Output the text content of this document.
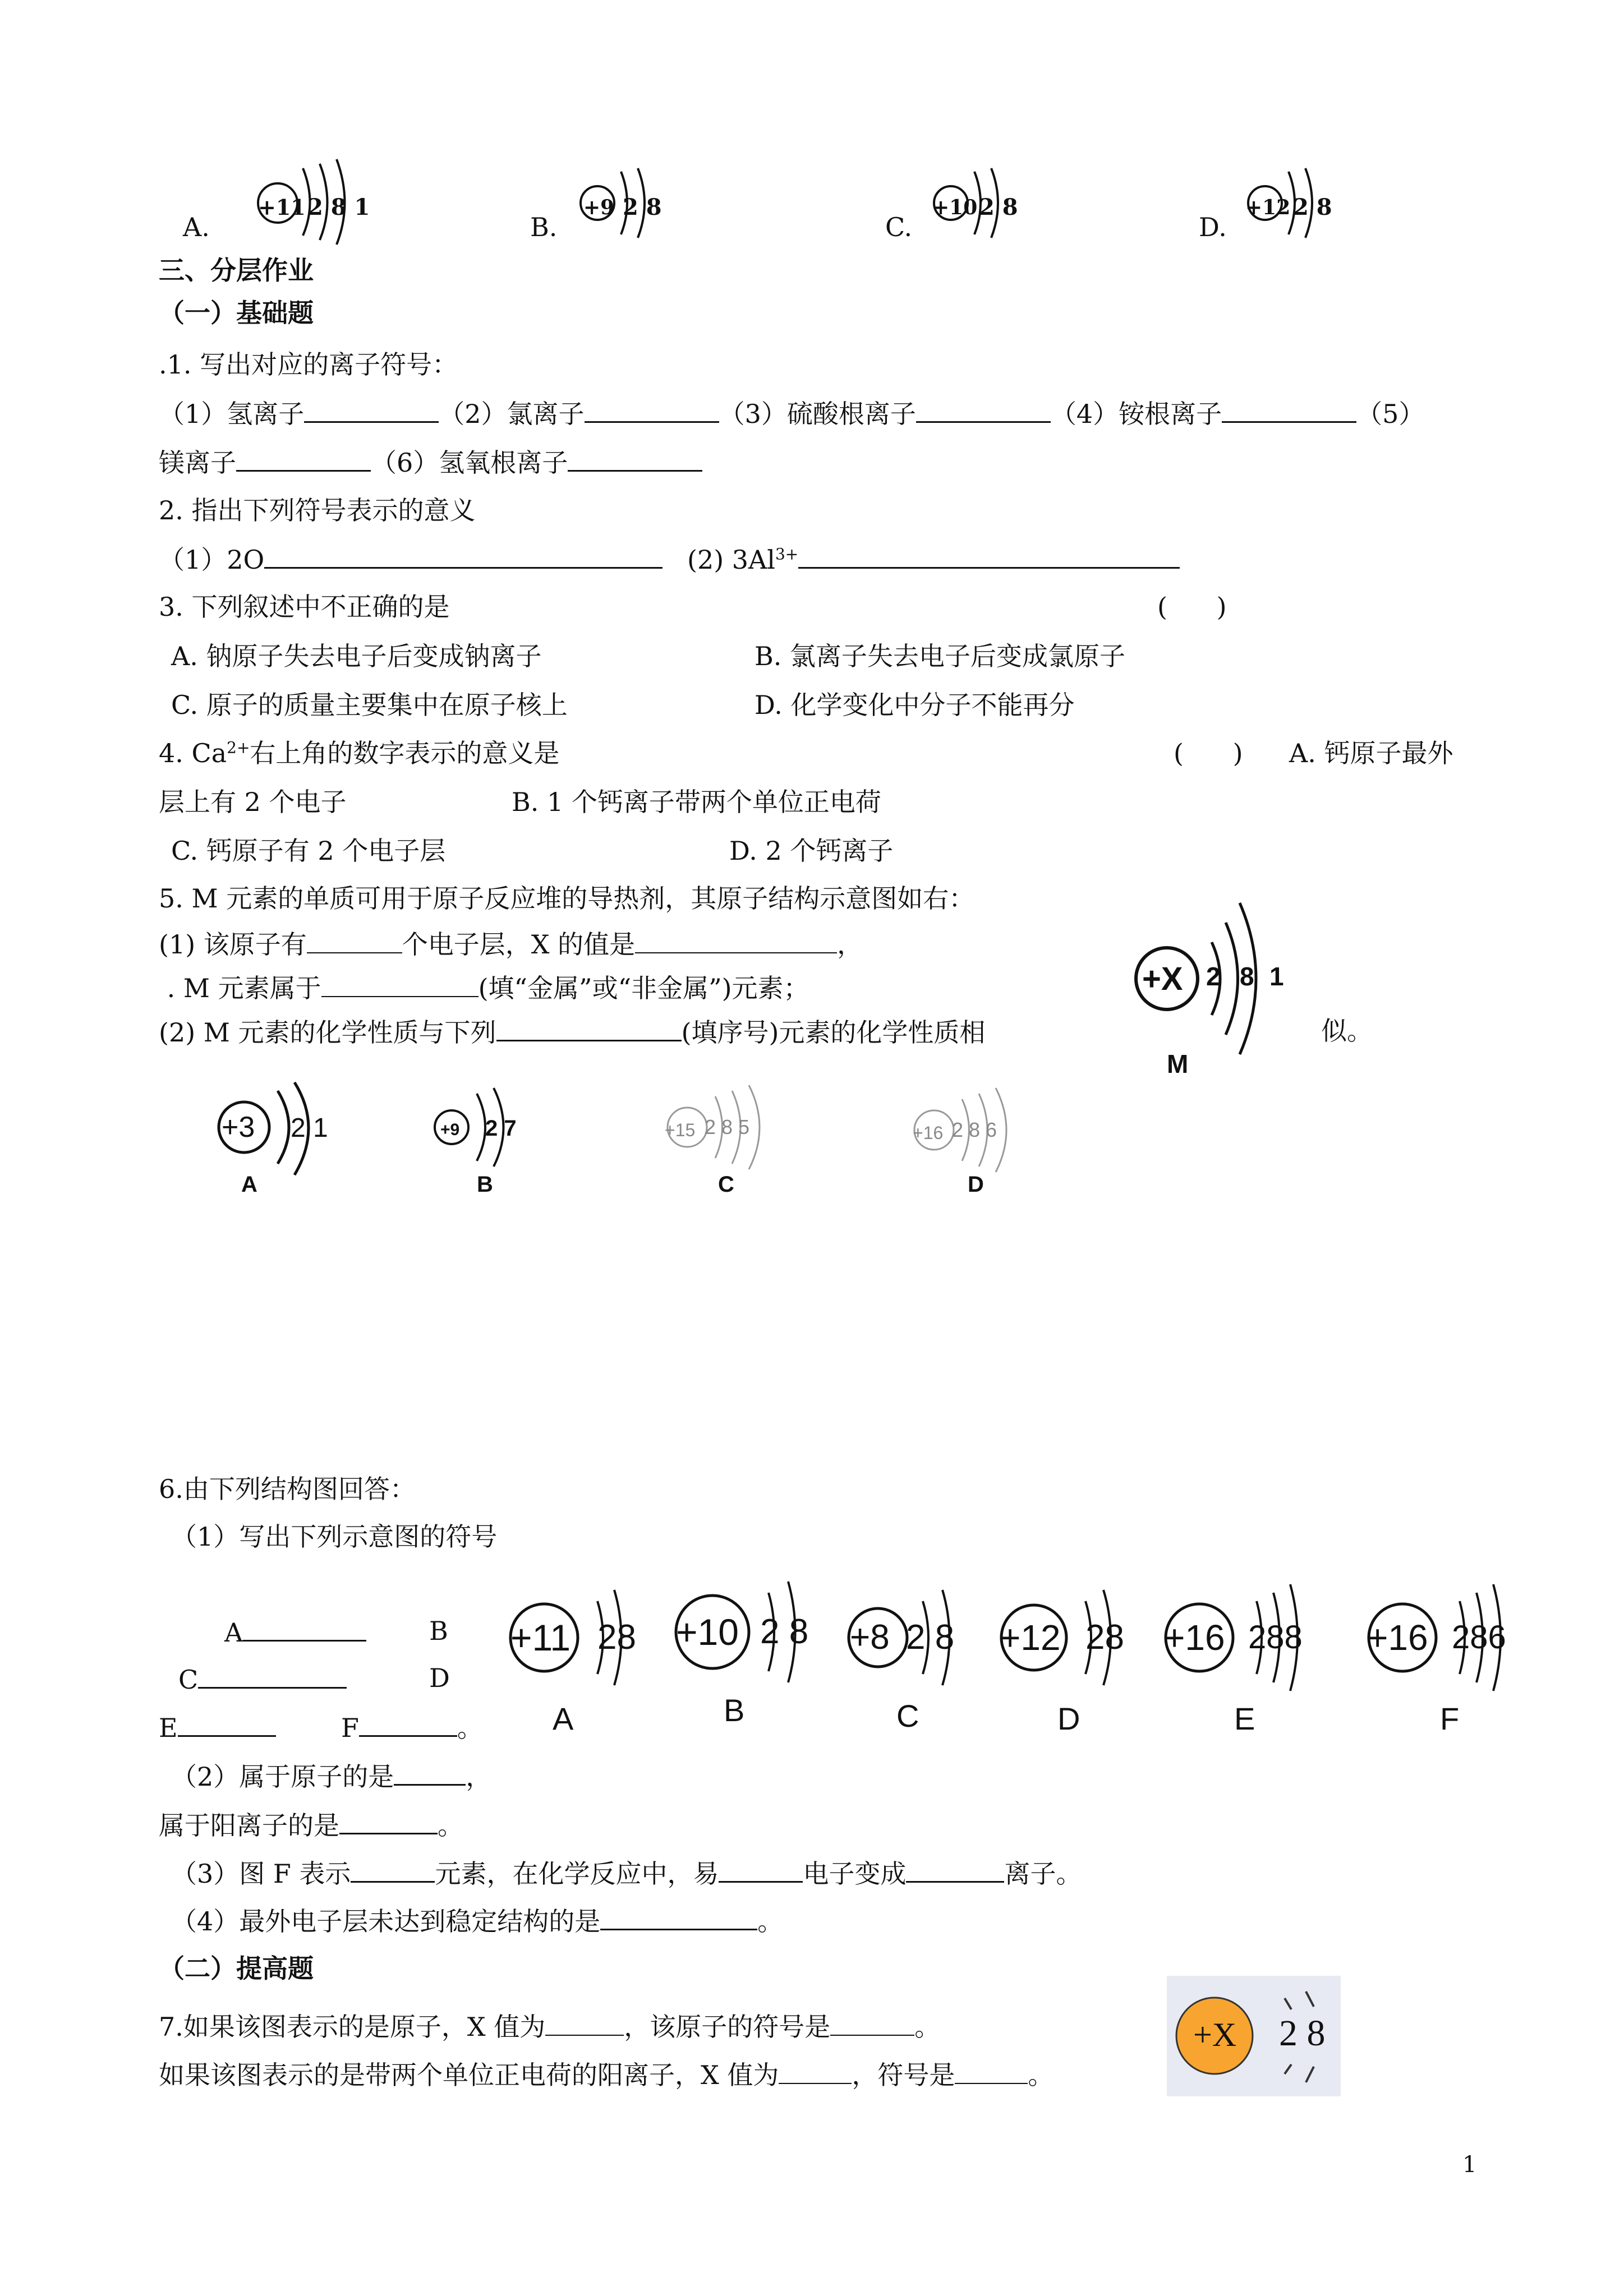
A.
+11 2 8 1
B.
+9 2 8
C.
+10 2 8
D.
+12 2 8
三、分层作业
（一）基础题
.1. 写出对应的离子符号：
（1）氢离子	（2）氯离子	（3）硫酸根离子	（4）铵根离子	（5）
镁离子	（6）氢氧根离子
2. 指出下列符号表示的意义
（1）2O	(2) $3Al^{3+}$
3. 下列叙述中不正确的是	(      )
A. 钠原子失去电子后变成钠离子	B. 氯离子失去电子后变成氯原子
C. 原子的质量主要集中在原子核上	D. 化学变化中分子不能再分
4. $Ca^{2+}$右上角的数字表示的意义是	(      ) A. 钙原子最外
层上有 2 个电子	B. 1 个钙离子带两个单位正电荷
C. 钙原子有 2 个电子层	D. 2 个钙离子
5. M 元素的单质可用于原子反应堆的导热剂，其原子结构示意图如右：
(1) 该原子有	个电子层，X 的值是	，
. M 元素属于	(填“金属”或“非金属”)元素；
(2) M 元素的化学性质与下列	(填序号)元素的化学性质相	似。
+X 2 8 1
M
+3 2 1
A
+9 2 7
B
+15 2 8 5
C
+16 2 8 6
D
6.由下列结构图回答：
（1）写出下列示意图的符号
A	B
C	D
E	F	。
+11 28
A
+10 2 8
B
+8 2 8
C
+12 28
D
+16 288
E
+16 286
F
（2）属于原子的是	，
属于阳离子的是	。
（3）图 F 表示	元素，在化学反应中，易	电子变成	离子。
（4）最外电子层未达到稳定结构的是	。
（二）提高题
7.如果该图表示的是原子，X 值为	，该原子的符号是	。
如果该图表示的是带两个单位正电荷的阳离子，X 值为	，符号是	。
+X 2 8
1
